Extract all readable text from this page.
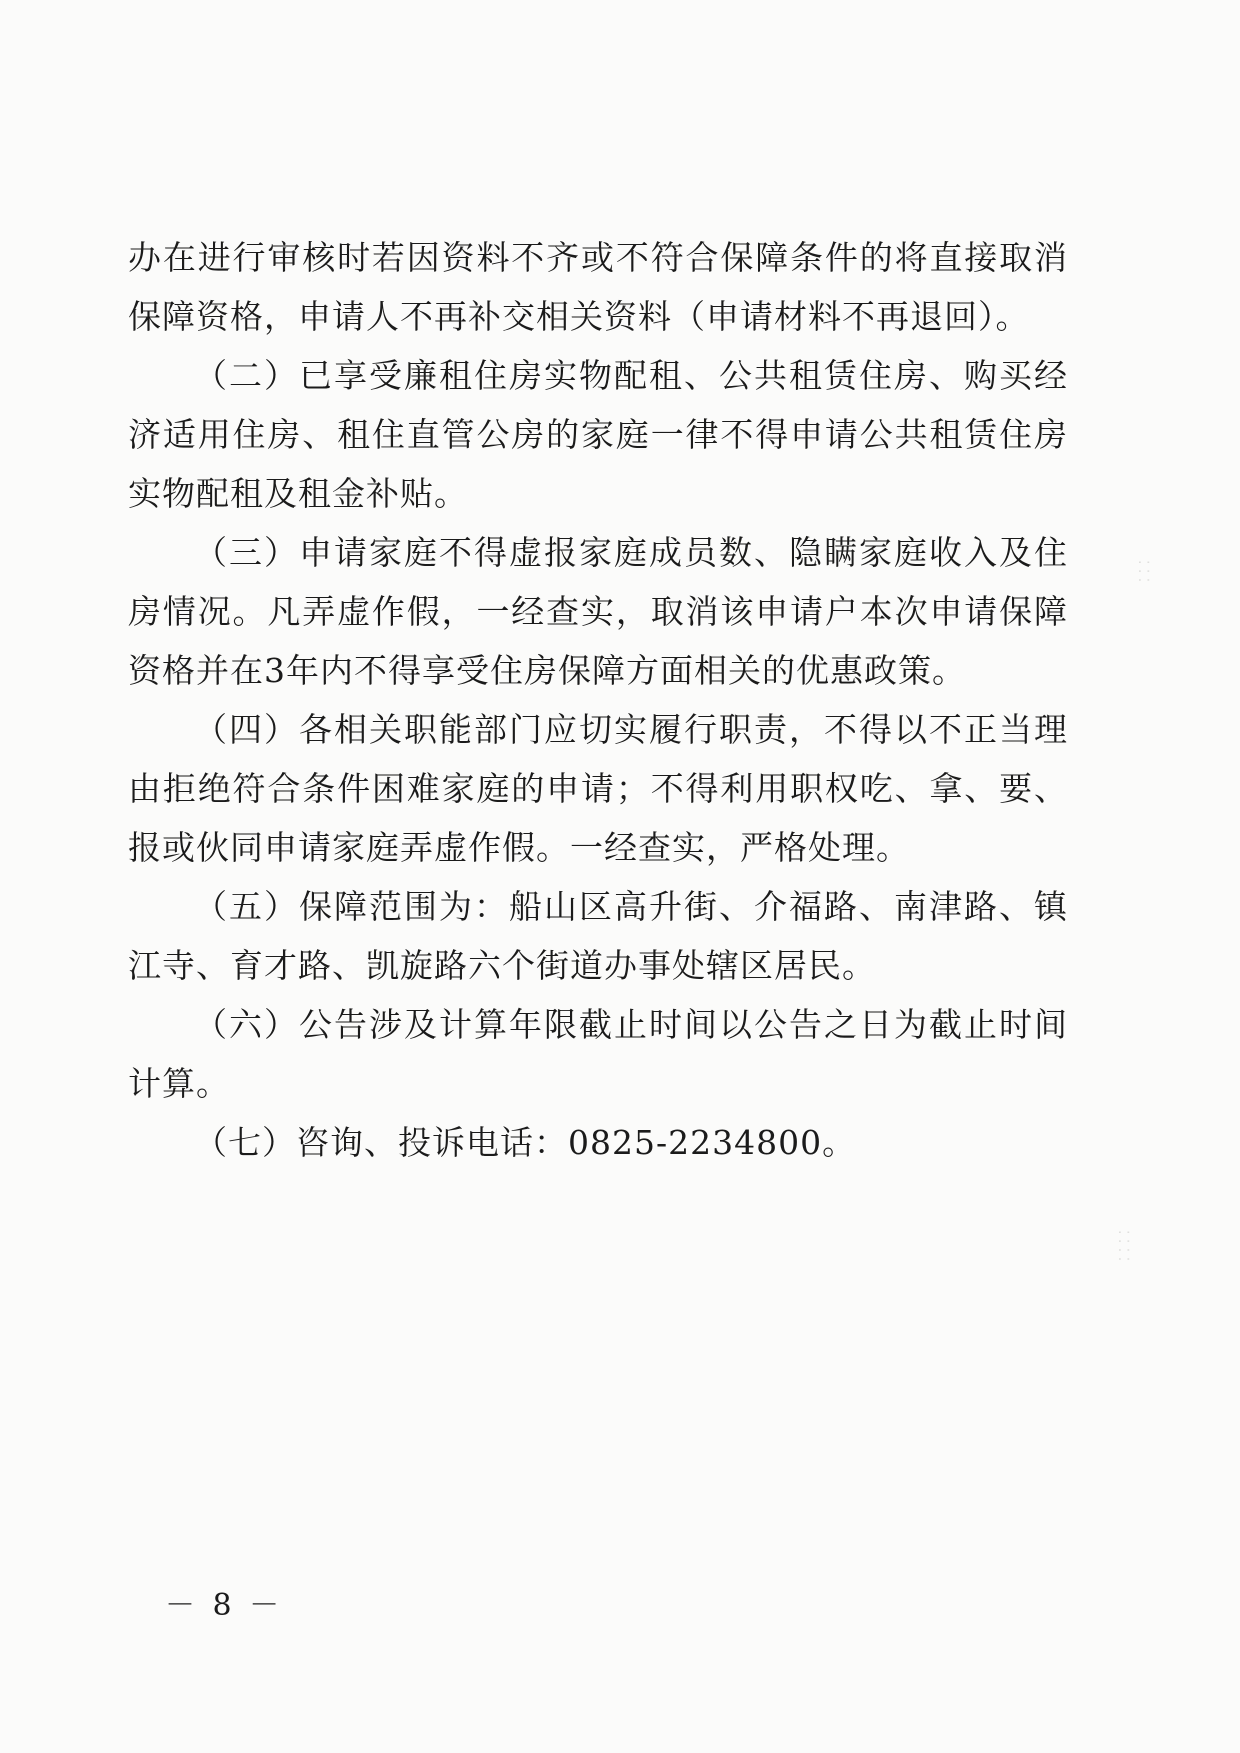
办在进行审核时若因资料不齐或不符合保障条件的将直接取消保障资格，申请人不再补交相关资料（申请材料不再退回）。

（二）已享受廉租住房实物配租、公共租赁住房、购买经济适用住房、租住直管公房的家庭一律不得申请公共租赁住房实物配租及租金补贴。

（三）申请家庭不得虚报家庭成员数、隐瞒家庭收入及住房情况。凡弄虚作假，一经查实，取消该申请户本次申请保障资格并在3年内不得享受住房保障方面相关的优惠政策。

（四）各相关职能部门应切实履行职责，不得以不正当理由拒绝符合条件困难家庭的申请；不得利用职权吃、拿、要、报或伙同申请家庭弄虚作假。一经查实，严格处理。

（五）保障范围为：船山区高升街、介福路、南津路、镇江寺、育才路、凯旋路六个街道办事处辖区居民。

（六）公告涉及计算年限截止时间以公告之日为截止时间计算。

（七）咨询、投诉电话：0825-2234800。

－ 8 －
⁚ ⁚ ⁚
⁚ ⁚ ⁚ ⁚
